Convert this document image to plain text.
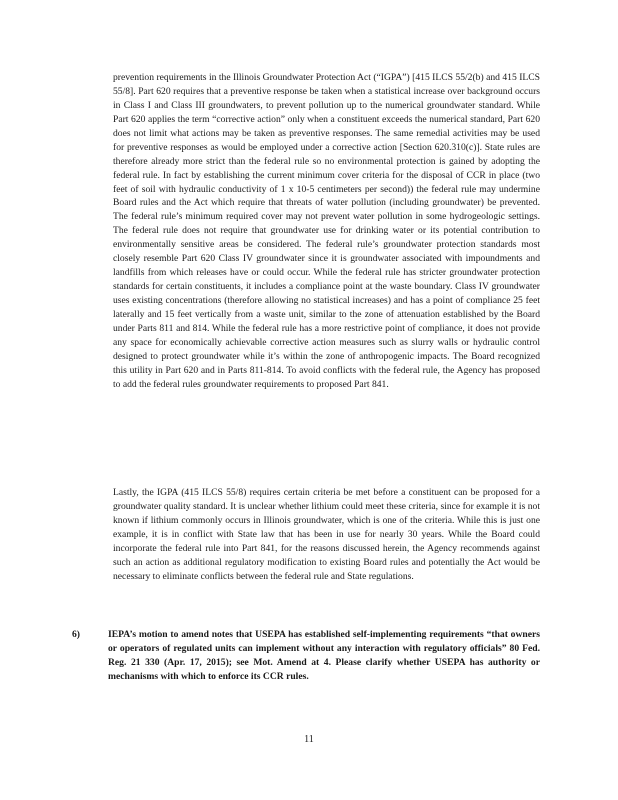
prevention requirements in the Illinois Groundwater Protection Act (“IGPA”) [415 ILCS 55/2(b) and 415 ILCS 55/8]. Part 620 requires that a preventive response be taken when a statistical increase over background occurs in Class I and Class III groundwaters, to prevent pollution up to the numerical groundwater standard. While Part 620 applies the term “corrective action” only when a constituent exceeds the numerical standard, Part 620 does not limit what actions may be taken as preventive responses. The same remedial activities may be used for preventive responses as would be employed under a corrective action [Section 620.310(c)]. State rules are therefore already more strict than the federal rule so no environmental protection is gained by adopting the federal rule. In fact by establishing the current minimum cover criteria for the disposal of CCR in place (two feet of soil with hydraulic conductivity of 1 x 10-5 centimeters per second)) the federal rule may undermine Board rules and the Act which require that threats of water pollution (including groundwater) be prevented. The federal rule’s minimum required cover may not prevent water pollution in some hydrogeologic settings. The federal rule does not require that groundwater use for drinking water or its potential contribution to environmentally sensitive areas be considered. The federal rule’s groundwater protection standards most closely resemble Part 620 Class IV groundwater since it is groundwater associated with impoundments and landfills from which releases have or could occur. While the federal rule has stricter groundwater protection standards for certain constituents, it includes a compliance point at the waste boundary. Class IV groundwater uses existing concentrations (therefore allowing no statistical increases) and has a point of compliance 25 feet laterally and 15 feet vertically from a waste unit, similar to the zone of attenuation established by the Board under Parts 811 and 814. While the federal rule has a more restrictive point of compliance, it does not provide any space for economically achievable corrective action measures such as slurry walls or hydraulic control designed to protect groundwater while it’s within the zone of anthropogenic impacts. The Board recognized this utility in Part 620 and in Parts 811-814. To avoid conflicts with the federal rule, the Agency has proposed to add the federal rules groundwater requirements to proposed Part 841.

Lastly, the IGPA (415 ILCS 55/8) requires certain criteria be met before a constituent can be proposed for a groundwater quality standard. It is unclear whether lithium could meet these criteria, since for example it is not known if lithium commonly occurs in Illinois groundwater, which is one of the criteria. While this is just one example, it is in conflict with State law that has been in use for nearly 30 years. While the Board could incorporate the federal rule into Part 841, for the reasons discussed herein, the Agency recommends against such an action as additional regulatory modification to existing Board rules and potentially the Act would be necessary to eliminate conflicts between the federal rule and State regulations.

6)	IEPA’s motion to amend notes that USEPA has established self-implementing requirements “that owners or operators of regulated units can implement without any interaction with regulatory officials” 80 Fed. Reg. 21 330 (Apr. 17, 2015); see Mot. Amend at 4. Please clarify whether USEPA has authority or mechanisms with which to enforce its CCR rules.

11
